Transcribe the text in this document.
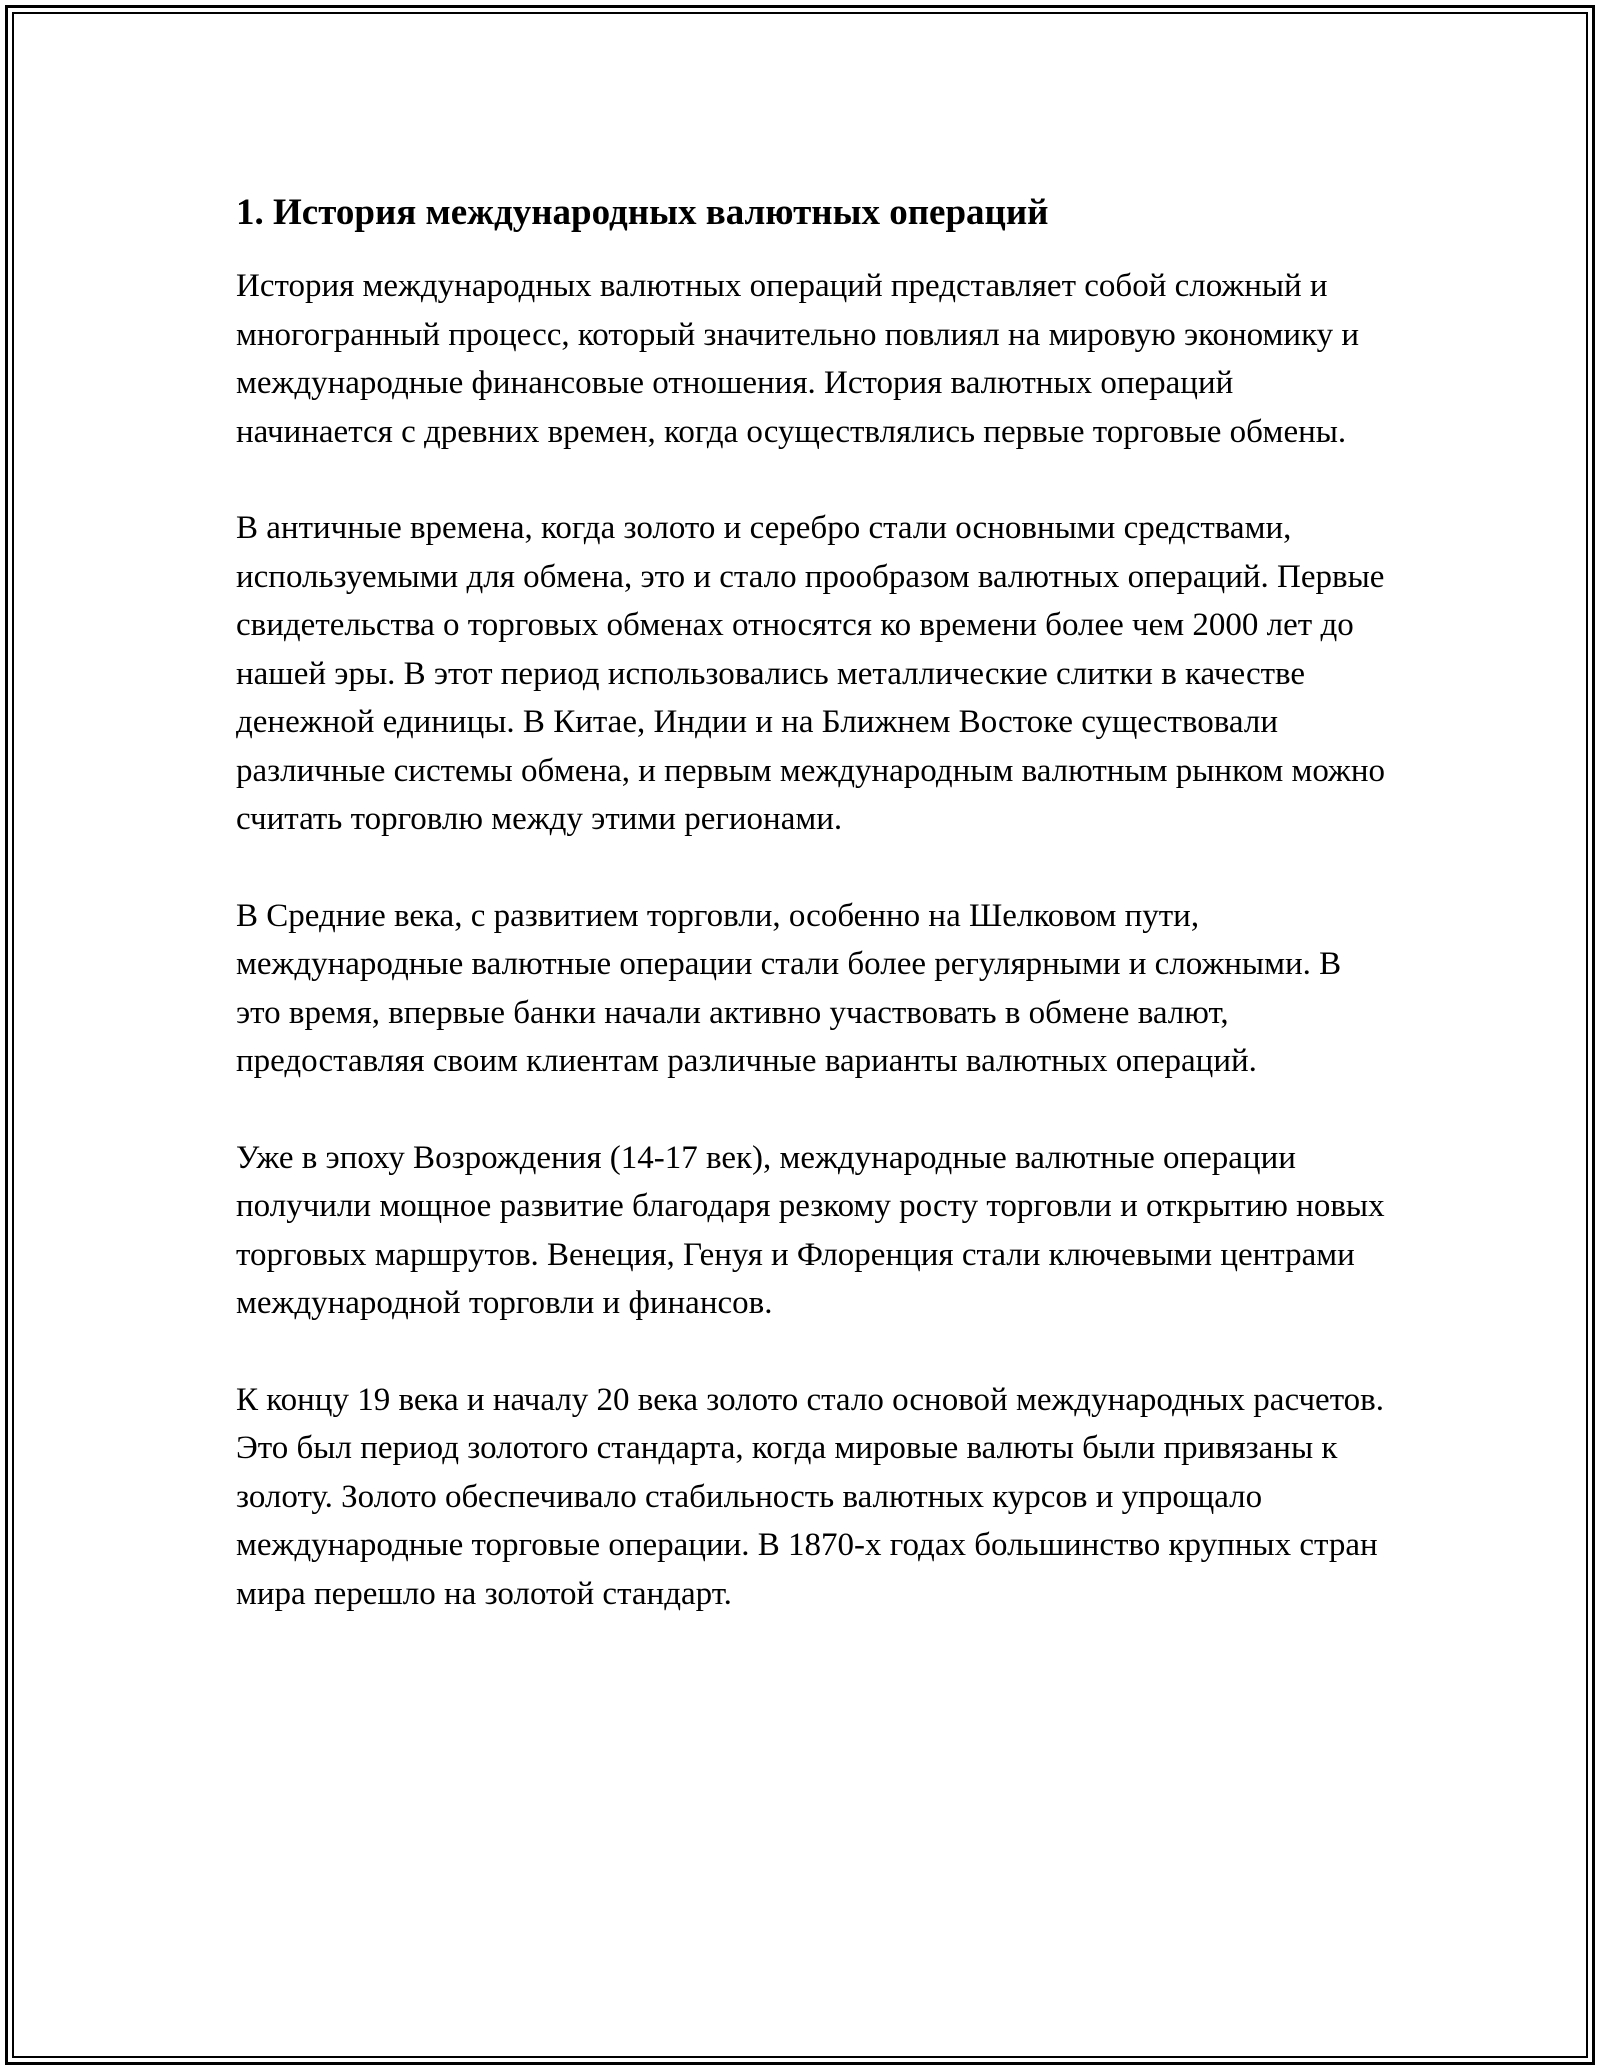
1. История международных валютных операций

История международных валютных операций представляет собой сложный и многогранный процесс, который значительно повлиял на мировую экономику и международные финансовые отношения. История валютных операций начинается с древних времен, когда осуществлялись первые торговые обмены.

В античные времена, когда золото и серебро стали основными средствами, используемыми для обмена, это и стало прообразом валютных операций. Первые свидетельства о торговых обменах относятся ко времени более чем 2000 лет до нашей эры. В этот период использовались металлические слитки в качестве денежной единицы. В Китае, Индии и на Ближнем Востоке существовали различные системы обмена, и первым международным валютным рынком можно считать торговлю между этими регионами.

В Средние века, с развитием торговли, особенно на Шелковом пути, международные валютные операции стали более регулярными и сложными. В это время, впервые банки начали активно участвовать в обмене валют, предоставляя своим клиентам различные варианты валютных операций.

Уже в эпоху Возрождения (14-17 век), международные валютные операции получили мощное развитие благодаря резкому росту торговли и открытию новых торговых маршрутов. Венеция, Генуя и Флоренция стали ключевыми центрами международной торговли и финансов.

К концу 19 века и началу 20 века золото стало основой международных расчетов. Это был период золотого стандарта, когда мировые валюты были привязаны к золоту. Золото обеспечивало стабильность валютных курсов и упрощало международные торговые операции. В 1870-х годах большинство крупных стран мира перешло на золотой стандарт.
